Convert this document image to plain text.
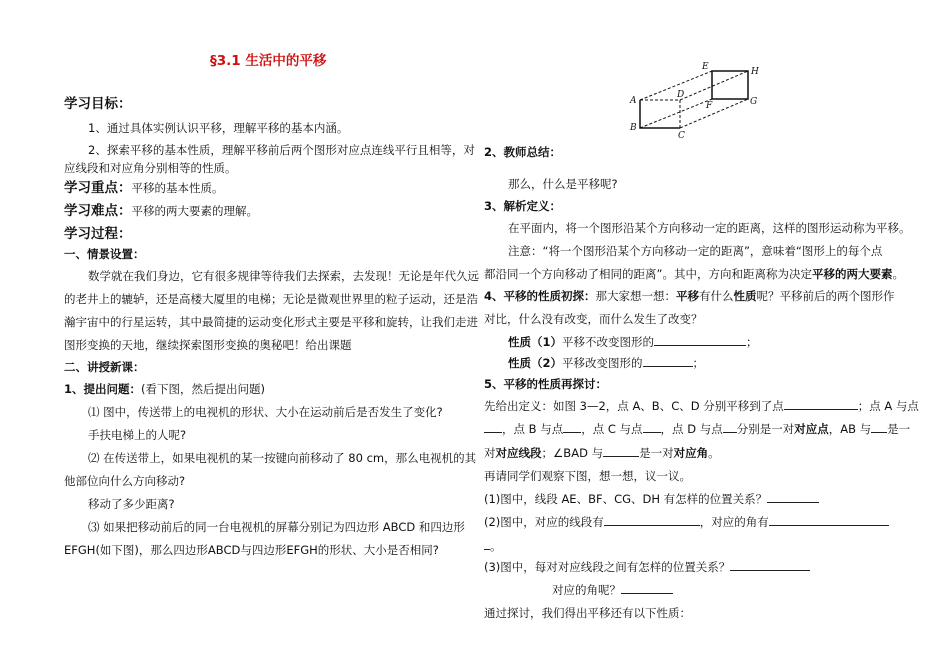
§3.1 生活中的平移
学习目标：
1、通过具体实例认识平移，理解平移的基本内涵。
2、探索平移的基本性质，理解平移前后两个图形对应点连线平行且相等，对
应线段和对应角分别相等的性质。
学习重点：平移的基本性质。
学习难点：平移的两大要素的理解。
学习过程：
一、情景设置：
数学就在我们身边，它有很多规律等待我们去探索，去发现！无论是年代久远
的老井上的辘轳，还是高楼大厦里的电梯；无论是微观世界里的粒子运动，还是浩
瀚宇宙中的行星运转，其中最简捷的运动变化形式主要是平移和旋转，让我们走进
图形变换的天地，继续探索图形变换的奥秘吧！给出课题
二、讲授新课：
1、提出问题：(看下图，然后提出问题)
⑴ 图中，传送带上的电视机的形状、大小在运动前后是否发生了变化?
手扶电梯上的人呢?
⑵ 在传送带上，如果电视机的某一按键向前移动了 80 cm，那么电视机的其
他部位向什么方向移动?
移动了多少距离?
⑶ 如果把移动前后的同一台电视机的屏幕分别记为四边形 ABCD 和四边形
EFGH(如下图)，那么四边形ABCD与四边形EFGH的形状、大小是否相同?
A
B
C
D
E
F	G
H
2、教师总结：
那么，什么是平移呢?
3、解析定义：
在平面内，将一个图形沿某个方向移动一定的距离，这样的图形运动称为平移。
注意：“将一个图形沿某个方向移动一定的距离”，意味着“图形上的每个点
都沿同一个方向移动了相同的距离”。其中，方向和距离称为决定平移的两大要素。
4、平移的性质初探：那大家想一想：平移有什么性质呢？平移前后的两个图形作
对比，什么没有改变，而什么发生了改变？
性质（1）平移不改变图形的	；
性质（2）平移改变图形的	；
5、平移的性质再探讨：
先给出定义：如图 3—2，点 A、B、C、D 分别平移到了点	；点 A 与点
，点 B 与点 ，点 C 与点 ，点 D 与点 分别是一对对应点，AB 与 是一
对对应线段；∠BAD 与	是一对对应角。
再请同学们观察下图，想一想，议一议。
(1)图中，线段 AE、BF、CG、DH 有怎样的位置关系？
(2)图中，对应的线段有	，对应的角有
。
(3)图中，每对对应线段之间有怎样的位置关系？
对应的角呢？
通过探讨，我们得出平移还有以下性质：
